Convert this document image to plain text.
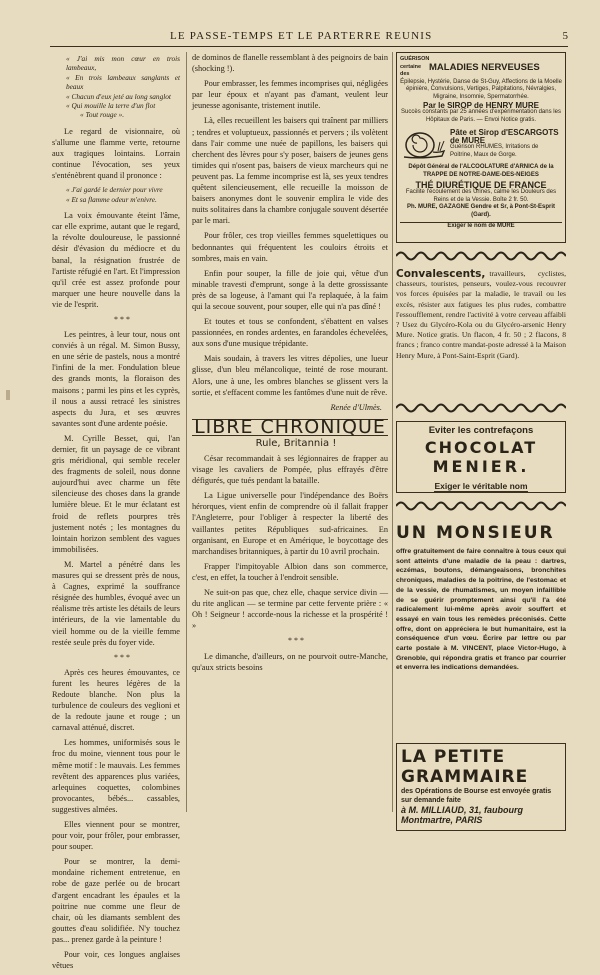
LE PASSE-TEMPS ET LE PARTERRE REUNIS	5
« J'ai mis mon cœur en trois lambeaux,
« En trois lambeaux sanglants et beaux
« Chacun d'eux jeté au long sanglot
« Qui mouille la terre d'un flot
« Tout rouge ».

Le regard de visionnaire, où s'allume une flamme verte, retourne aux tragiques lointains. Lorrain continue l'évocation, ses yeux s'enténèbrent quand il prononce :

« J'ai gardé le dernier pour vivre
« Et sa flamme odeur m'enivre.

La voix émouvante éteint l'âme, car elle exprime, autant que le regard, la révolte douloureuse, le passionné désir d'évasion du médiocre et du banal, la résignation frustrée de l'artiste réfugié en l'art. Et l'impression qu'il crée est assez profonde pour marquer une heure nouvelle dans la vie de l'esprit.

* * *

Les peintres, à leur tour, nous ont conviés à un régal. M. Simon Bussy, en une série de pastels, nous a montré l'infini de la mer. Fondulation bleue des grands monts, la floraison des maisons ; parmi les pins et les cyprès, il nous a aussi retracé les sinistres aspects du Jura, et ses œuvres savantes sont d'une ardente poésie.

M. Cyrille Besset, qui, l'an dernier, fit un paysage de ce vibrant gris méridional, qui semble receler des fragments de soleil, nous donne aujourd'hui avec charme un fête silencieuse des choses dans la grande lumière bleue. Et le mur éclatant est froid de reflets pourpres très justement notés ; les montagnes du lointain horizon semblent des vagues immobilisées.

M. Martel a pénétré dans les masures qui se dressent près de nous, à Cagnes, exprimé la souffrance résignée des humbles, évoqué avec un réalisme très artiste les détails de leurs intérieurs, de la vie lamentable du vieil homme ou de la vieille femme restée seule près du foyer vide.

* * *

Après ces heures émouvantes, ce furent les heures légères de la Redoute blanche. Non plus la turbulence de couleurs des veglioni et de la redoute jaune et rouge ; un carnaval atténué, discret.

Les hommes, uniformisés sous le froc du moine, viennent tous pour le même motif : le mauvais. Les femmes revêtent des apparences plus variées, arlequines coquettes, colombines provocantes, bébés... cassables, suggestives almées.

Elles viennent pour se montrer, pour voir, pour frôler, pour embrasser, pour souper.

Pour se montrer, la demi-mondaine richement entretenue, en robe de gaze perlée ou de brocart d'argent encadrant les épaules et la poitrine nue comme une fleur de chair, où les diamants semblent des gouttes d'eau solidifiée. N'y touchez pas... prenez garde à la peinture !

Pour voir, ces longues anglaises vêtues

de dominos de flanelle ressemblant à des peignoirs de bain (shocking !).

Pour embrasser, les femmes incomprises qui, négligées par leur époux et n'ayant pas d'amant, veulent leur jeunesse agonisante, tristement inutile.

Là, elles recueillent les baisers qui traînent par milliers ; tendres et voluptueux, passionnés et pervers ; ils volètent dans l'air comme une nuée de papillons, les baisers qui cherchent des lèvres pour s'y poser, baisers de jeunes gens timides qui n'osent pas, baisers de vieux marcheurs qui ne peuvent pas. La femme incomprise est là, ses yeux tendres quêtent silencieusement, elle recueille la moisson de baisers anonymes dont le souvenir emplira le vide des nuits solitaires dans la chambre conjugale souvent désertée par le mari.

Pour frôler, ces trop vieilles femmes squelettiques ou bedonnantes qui fréquentent les couloirs étroits et sombres, mais en vain.

Enfin pour souper, la fille de joie qui, vêtue d'un minable travesti d'emprunt, songe à la dette grossissante près de sa logeuse, à l'amant qui l'a replaquée, à la faim qui la secoue souvent, pour souper, elle qui n'a pas dîné !

Et toutes et tous se confondent, s'ébattent en valses passionnées, en rondes ardentes, en farandoles échevelées, aux sons d'une musique trépidante.

Mais soudain, à travers les vitres dépolies, une lueur glisse, d'un bleu mélancolique, teinté de rose mourant. Alors, une à une, les ombres blanches se glissent vers la sortie, et s'effacent comme les fantômes d'une nuit de rêve.

Renée d'Ulmès.
LIBRE CHRONIQUE

Rule, Britannia !

César recommandait à ses légionnaires de frapper au visage les cavaliers de Pompée, plus effrayés d'être défigurés, que tués pendant la bataille.

La Ligue universelle pour l'indépendance des Boërs hérorques, vient enfin de comprendre où il fallait frapper l'Angleterre, pour l'obliger à respecter la liberté des vaillantes petites Républiques sud-africaines. En organisant, en Europe et en Amérique, le boycottage des marchandises britanniques, à partir du 10 avril prochain.

Frapper l'impitoyable Albion dans son commerce, c'est, en effet, la toucher à l'endroit sensible.

Ne suit-on pas que, chez elle, chaque service divin — du rite anglican — se termine par cette fervente prière : « Oh ! Seigneur ! accorde-nous la richesse et la prospérité ! »

* * *

Le dimanche, d'ailleurs, on ne pourvoit outre-Manche, qu'aux stricts besoins

GUÉRISON certaine des
MALADIES NERVEUSES
Épilepsie, Hystérie, Danse de St-Guy, Affections de la Moelle épinière, Convulsions, Vertiges, Palpitations, Névralgies, Migraine, Insomnie, Spermatorrhée.
Par le SIROP de HENRY MURE
Succès constants par 25 années d'expérimentation dans les Hôpitaux de Paris. — Envoi Notice gratis.
Pâte et Sirop d'ESCARGOTS de MURE
Guérison RHUMES, Irritations de Poitrine, Maux de Gorge.
Dépôt Général de l'ALCOOLATURE d'ARNICA de la TRAPPE DE NOTRE-DAME-DES-NEIGES
THÉ DIURÉTIQUE DE FRANCE
Facilite l'écoulement des Urines, calme les Douleurs des Reins et de la Vessie. Boîte 2 fr. 50.
Ph. MURE, GAZAGNE Gendre et Sr, à Pont-St-Esprit (Gard).
Exiger le nom de MURE
Convalescents, travailleurs, cyclistes, chasseurs, touristes, penseurs, voulez-vous recouvrer vos forces épuisées par la maladie, le travail ou les excès, résister aux fatigues les plus rudes, combattre l'essoufflement, rendre l'activité à votre cerveau affaibli ? Usez du Glycéro-Kola ou du Glycéro-arsenic Henry Mure. Notice gratis. Un flacon, 4 fr. 50 ; 2 flacons, 8 francs ; franco contre mandat-poste adressé à la Maison Henry Mure, à Pont-Saint-Esprit (Gard).
Eviter les contrefaçons
CHOCOLAT
MENIER.
Exiger le véritable nom
UN MONSIEUR
offre gratuitement de faire connaître à tous ceux qui sont atteints d'une maladie de la peau : dartres, eczémas, boutons, démangeaisons, bronchites chroniques, maladies de la poitrine, de l'estomac et de la vessie, de rhumatismes, un moyen infaillible de se guérir promptement ainsi qu'il l'a été radicalement lui-même après avoir souffert et essayé en vain tous les remèdes préconisés. Cette offre, dont on appréciera le but humanitaire, est la conséquence d'un vœu. Écrire par lettre ou par carte postale à M. VINCENT, place Victor-Hugo, à Grenoble, qui répondra gratis et franco par courrier et enverra les indications demandées.
LA PETITE GRAMMAIRE
des Opérations de Bourse est envoyée gratis sur demande faite
à M. MILLIAUD, 31, faubourg Montmartre, PARIS
